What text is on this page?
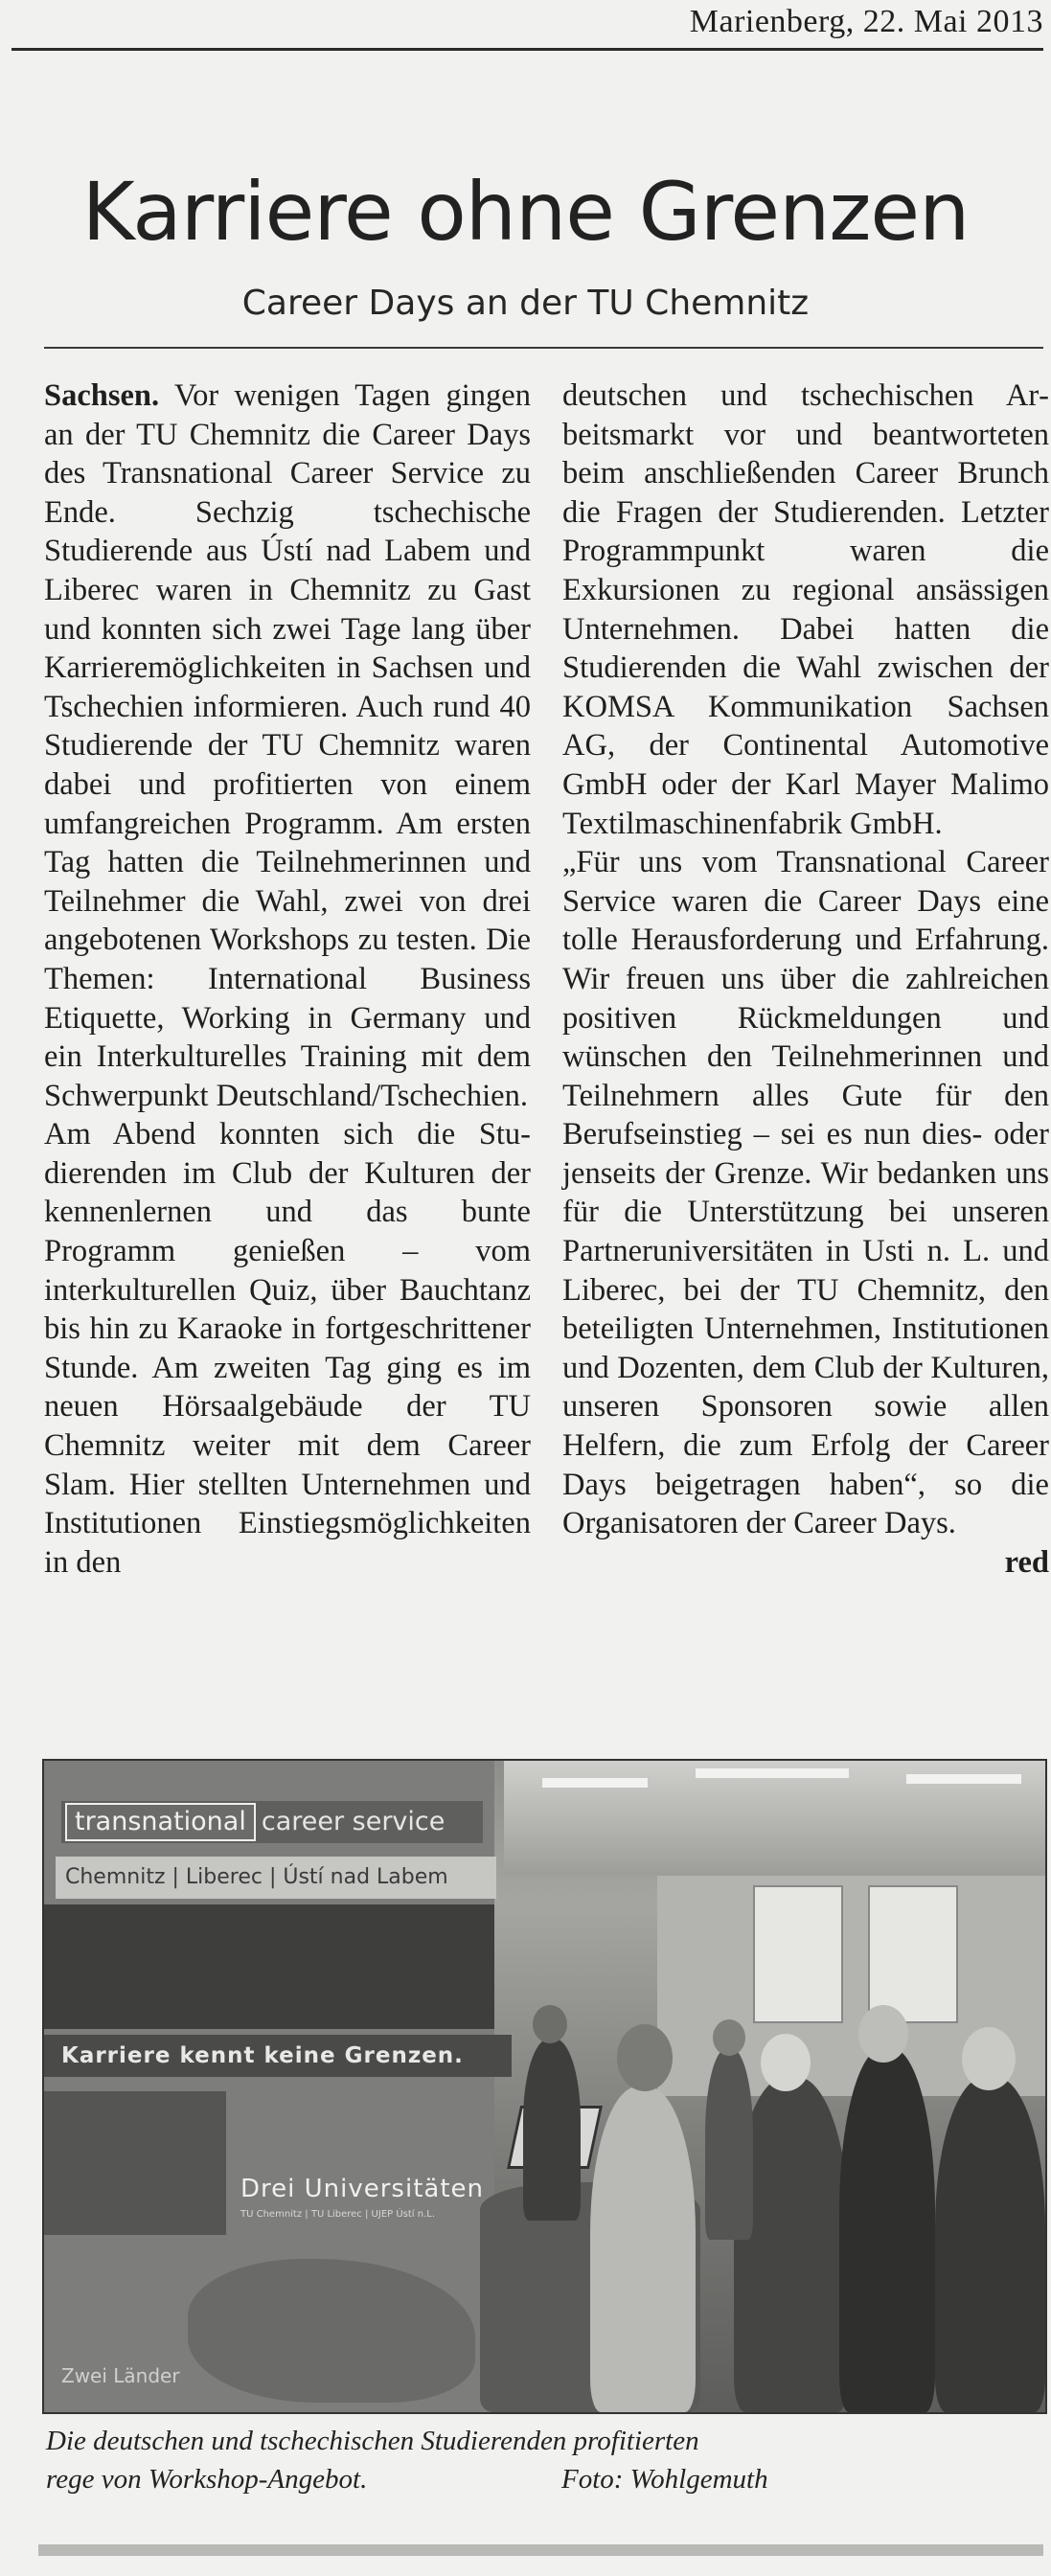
Marienberg, 22. Mai 2013
Karriere ohne Grenzen
Career Days an der TU Chemnitz

Sachsen. Vor wenigen Tagen gingen an der TU Chemnitz die Career Days des Transnational Career Service zu Ende. Sechzig tschechische Studierende aus Ústí nad Labem und Liberec waren in Chemnitz zu Gast und konnten sich zwei Tage lang über Karrieremöglichkeiten in Sachsen und Tschechien informieren. Auch rund 40 Studierende der TU Chemnitz waren dabei und profitierten von einem umfangreichen Programm. Am ersten Tag hatten die Teilnehmerinnen und Teilnehmer die Wahl, zwei von drei angebotenen Workshops zu testen. Die Themen: International Business Etiquette, Working in Germany und ein Interkulturelles Training mit dem Schwerpunkt Deutschland/Tschechien.

Am Abend konnten sich die Studierenden im Club der Kulturen der kennenlernen und das bunte Programm genießen – vom interkulturellen Quiz, über Bauchtanz bis hin zu Karaoke in fortgeschrittener Stunde. Am zweiten Tag ging es im neuen Hörsaalgebäude der TU Chemnitz weiter mit dem Career Slam. Hier stellten Unternehmen und Institutionen Einstiegsmöglichkeiten in den

deutschen und tschechischen Arbeitsmarkt vor und beantworteten beim anschließenden Career Brunch die Fragen der Studierenden. Letzter Programmpunkt waren die Exkursionen zu regional ansässigen Unternehmen. Dabei hatten die Studierenden die Wahl zwischen der KOMSA Kommunikation Sachsen AG, der Continental Automotive GmbH oder der Karl Mayer Malimo Textilmaschinenfabrik GmbH.

„Für uns vom Transnational Career Service waren die Career Days eine tolle Herausforderung und Erfahrung. Wir freuen uns über die zahlreichen positiven Rückmeldungen und wünschen den Teilnehmerinnen und Teilnehmern alles Gute für den Berufseinstieg – sei es nun dies- oder jenseits der Grenze. Wir bedanken uns für die Unterstützung bei unseren Partneruniversitäten in Usti n. L. und Liberec, bei der TU Chemnitz, den beteiligten Unternehmen, Institutionen und Dozenten, dem Club der Kulturen, unseren Sponsoren sowie allen Helfern, die zum Erfolg der Career Days beigetragen haben“, so die Organisatoren der Career Days.

red

transnational career service
Chemnitz | Liberec | Ústí nad Labem
Karriere kennt keine Grenzen.
Drei Universitäten
TU Chemnitz | TU Liberec | UJEP Ústí n.L.
Zwei Länder
Die deutschen und tschechischen Studierenden profitierten
rege von Workshop-Angebot.	Foto: Wohlgemuth
